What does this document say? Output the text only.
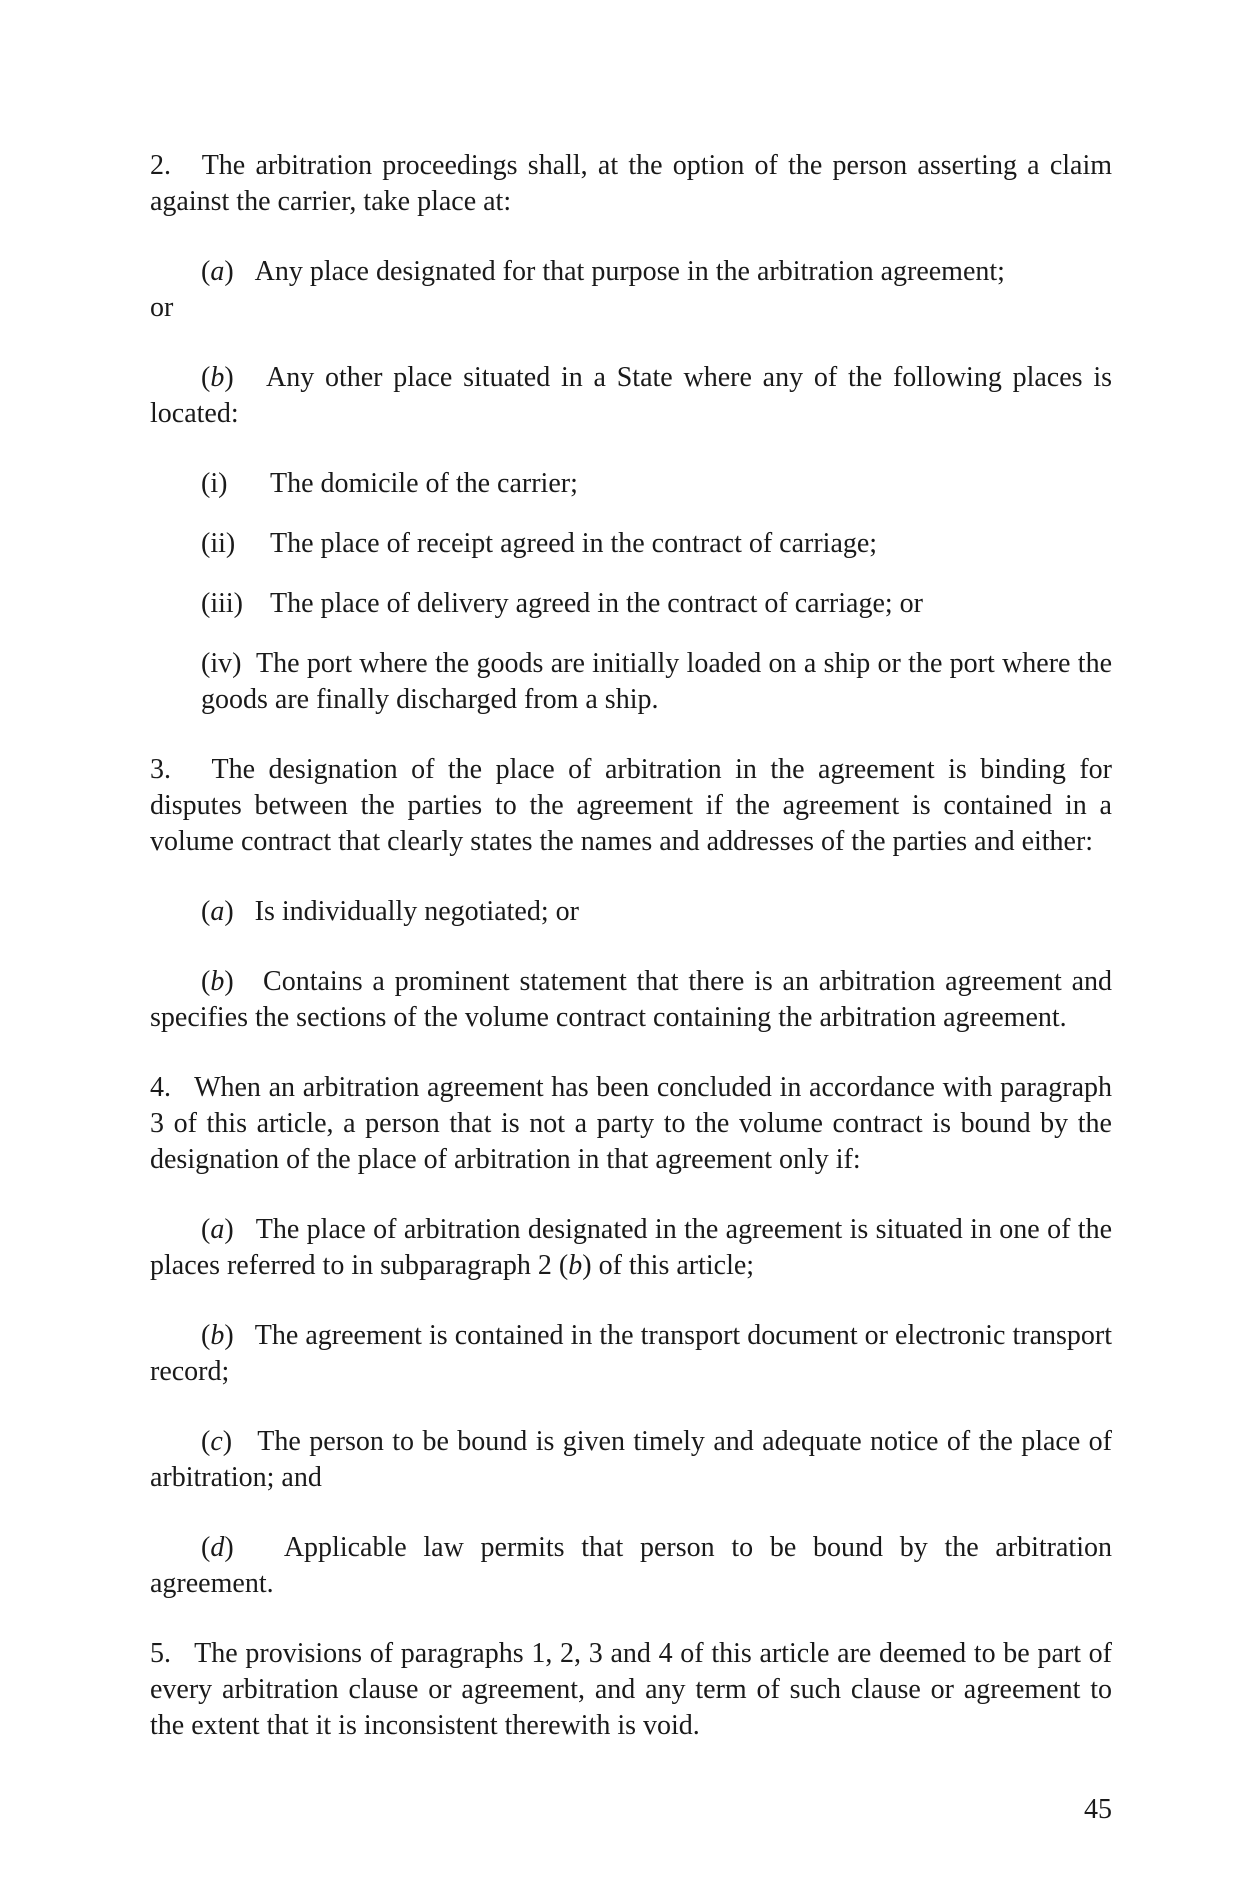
2. The arbitration proceedings shall, at the option of the person asserting a claim against the carrier, take place at:

(a)   Any place designated for that purpose in the arbitration agreement;

or

(b)   Any other place situated in a State where any of the following places is located:

(i)	The domicile of the carrier;
(ii)	The place of receipt agreed in the contract of carriage;
(iii) The place of delivery agreed in the contract of carriage; or

(iv) The port where the goods are initially loaded on a ship or the port where the goods are finally discharged from a ship.

3. The designation of the place of arbitration in the agreement is binding for disputes between the parties to the agreement if the agreement is contained in a volume contract that clearly states the names and addresses of the parties and either:

(a)   Is individually negotiated; or

(b)   Contains a prominent statement that there is an arbitration agreement and specifies the sections of the volume contract containing the arbitration agreement.

4. When an arbitration agreement has been concluded in accordance with paragraph 3 of this article, a person that is not a party to the volume contract is bound by the designation of the place of arbitration in that agreement only if:

(a)   The place of arbitration designated in the agreement is situated in one of the places referred to in subparagraph 2 (b) of this article;

(b)   The agreement is contained in the transport document or electronic transport record;

(c)   The person to be bound is given timely and adequate notice of the place of arbitration; and

(d)   Applicable law permits that person to be bound by the arbitration agreement.

5. The provisions of paragraphs 1, 2, 3 and 4 of this article are deemed to be part of every arbitration clause or agreement, and any term of such clause or agreement to the extent that it is inconsistent therewith is void.

45
